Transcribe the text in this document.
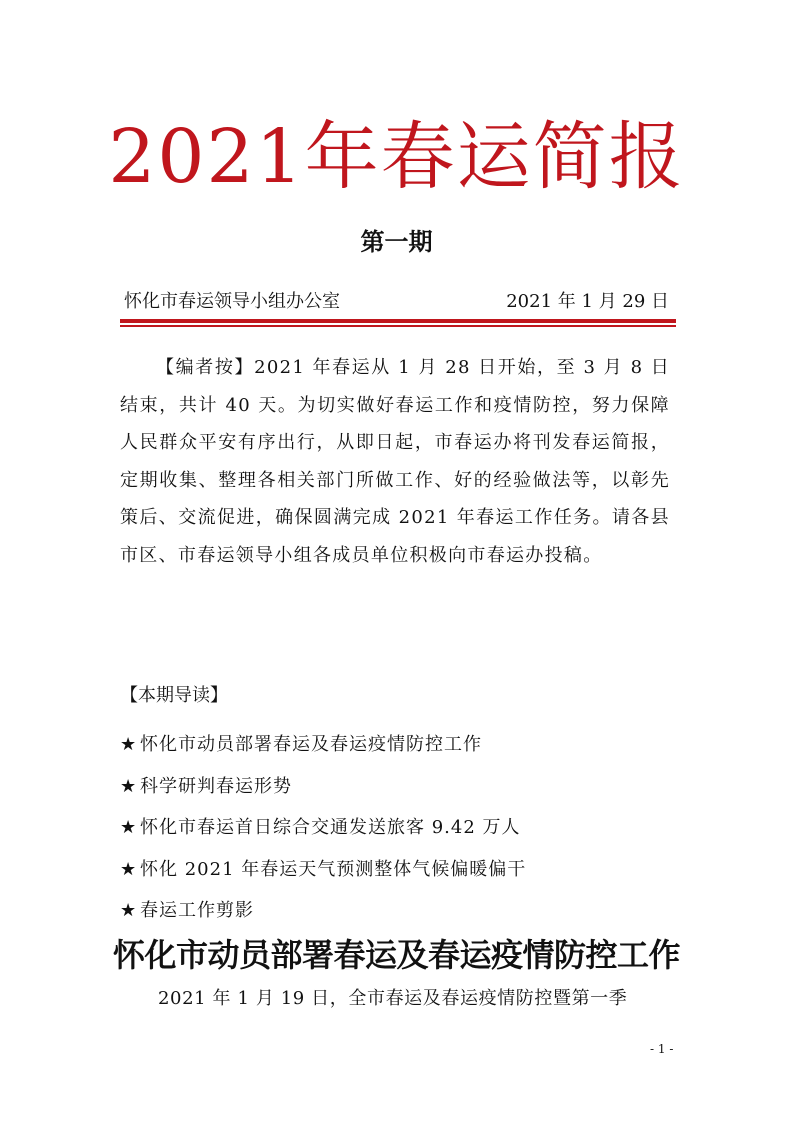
2021年春运简报
第一期
怀化市春运领导小组办公室	2021 年 1 月 29 日

【编者按】2021 年春运从 1 月 28 日开始，至 3 月 8 日结束，共计 40 天。为切实做好春运工作和疫情防控，努力保障人民群众平安有序出行，从即日起，市春运办将刊发春运简报，定期收集、整理各相关部门所做工作、好的经验做法等，以彰先策后、交流促进，确保圆满完成 2021 年春运工作任务。请各县市区、市春运领导小组各成员单位积极向市春运办投稿。

【本期导读】
★ 怀化市动员部署春运及春运疫情防控工作
★ 科学研判春运形势
★ 怀化市春运首日综合交通发送旅客 9.42 万人
★ 怀化 2021 年春运天气预测整体气候偏暖偏干
★ 春运工作剪影
怀化市动员部署春运及春运疫情防控工作
2021 年 1 月 19 日，全市春运及春运疫情防控暨第一季
- 1 -
